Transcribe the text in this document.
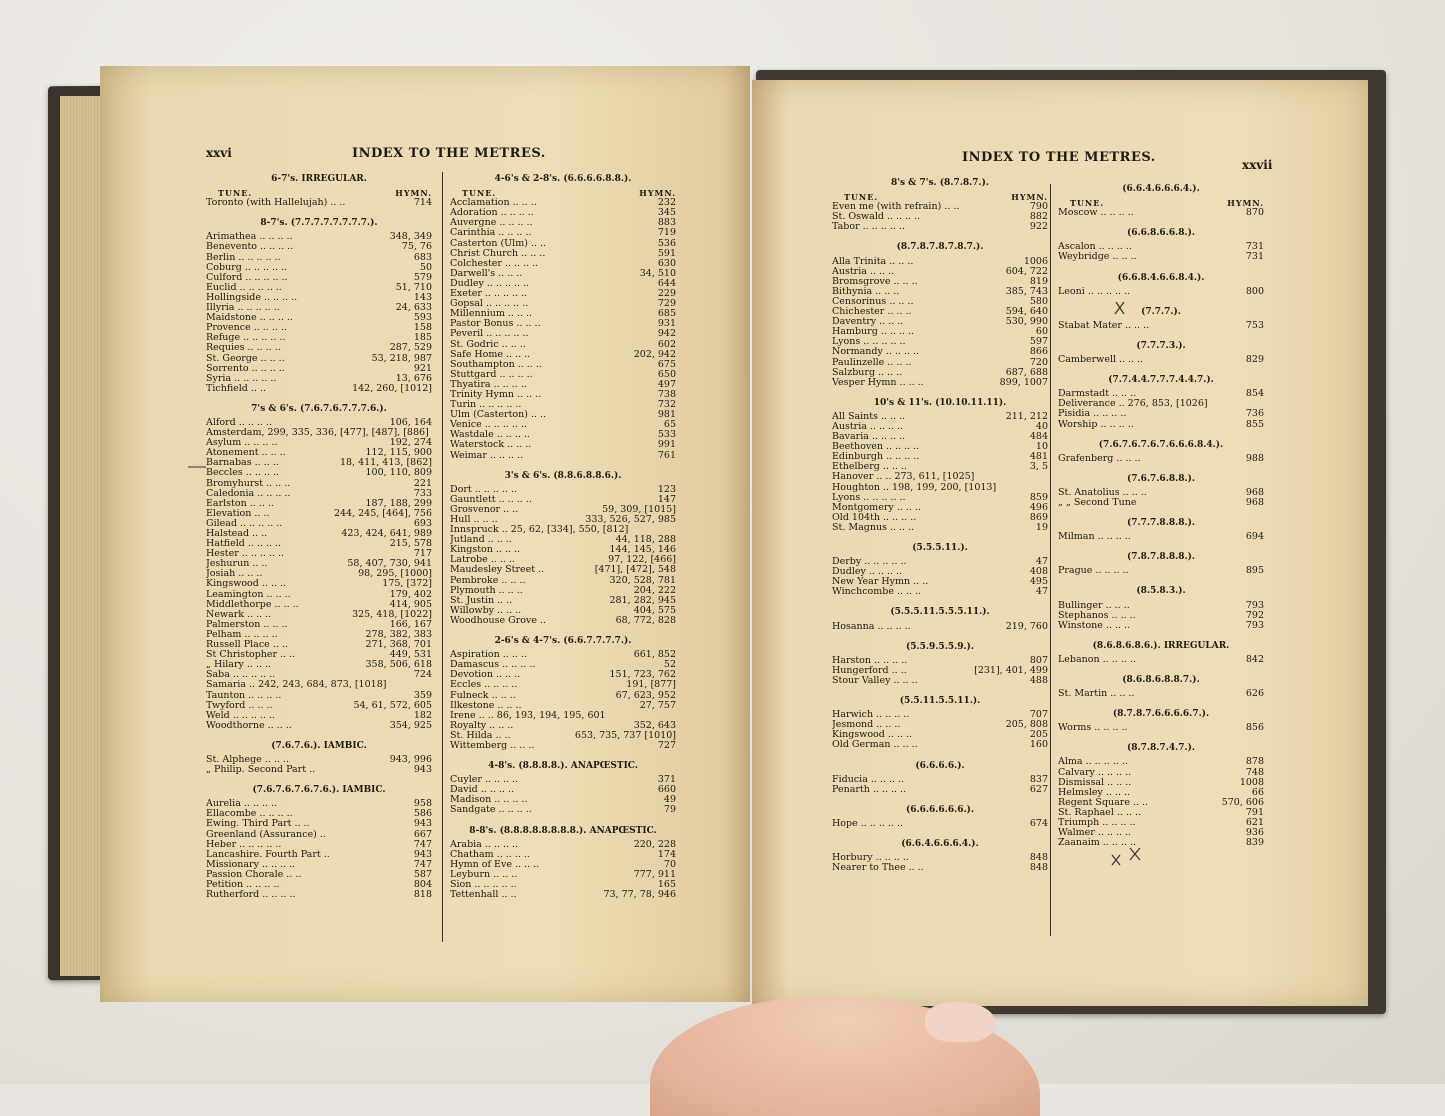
xxvi	INDEX TO THE METRES.
6-7's. IRREGULAR.
TUNE.	HYMN.
Toronto (with Hallelujah) .. ..	714
8-7's. (7.7.7.7.7.7.7.7.).
Arimathea .. .. .. ..	348, 349
Benevento .. .. .. ..	75, 76
Berlin .. .. .. .. ..	683
Coburg .. .. .. .. ..	50
Culford .. .. .. .. ..	579
Euclid .. .. .. .. ..	51, 710
Hollingside .. .. .. ..	143
Illyria .. .. .. .. ..	24, 633
Maidstone .. .. .. ..	593
Provence .. .. .. ..	158
Refuge .. .. .. .. ..	185
Requies .. .. .. ..	287, 529
St. George .. .. ..	53, 218, 987
Sorrento .. .. .. ..	921
Syria .. .. .. .. ..	13, 676
Tichfield .. ..	142, 260, [1012]
7's & 6's. (7.6.7.6.7.7.7.6.).
Alford .. .. .. ..	106, 164
Amsterdam, 299, 335, 336, [477], [487], [886]
Asylum .. .. .. ..	192, 274
Atonement .. .. ..	112, 115, 900
Barnabas .. .. ..	18, 411, 413, [862]
Beccles .. .. .. ..	100, 110, 809
Bromyhurst .. .. ..	221
Caledonia .. .. .. ..	733
Earlston .. .. ..	187, 188, 299
Elevation .. ..	244, 245, [464], 756
Gilead .. .. .. .. ..	693
Halstead .. ..	423, 424, 641, 989
Hatfield .. .. .. ..	215, 578
Hester .. .. .. .. ..	717
Jeshurun .. ..	58, 407, 730, 941
Josiah .. .. ..	98, 295, [1000]
Kingswood .. .. ..	175, [372]
Leamington .. .. ..	179, 402
Middlethorpe .. .. ..	414, 905
Newark .. .. ..	325, 418, [1022]
Palmerston .. .. ..	166, 167
Pelham .. .. .. ..	278, 382, 383
Russell Place .. ..	271, 368, 701
St Christopher .. ..	449, 531
„ Hilary .. .. ..	358, 506, 618
Saba .. .. .. .. ..	724
Samaria .. 242, 243, 684, 873, [1018]
Taunton .. .. .. ..	359
Twyford .. .. ..	54, 61, 572, 605
Weld .. .. .. .. ..	182
Woodthorne .. .. ..	354, 925
(7.6.7.6.). IAMBIC.
St. Alphege .. .. ..	943, 996
„ Philip. Second Part ..	943
(7.6.7.6.7.6.7.6.). IAMBIC.
Aurelia .. .. .. ..	958
Ellacombe .. .. .. ..	586
Ewing. Third Part .. ..	943
Greenland (Assurance) ..	667
Heber .. .. .. .. ..	747
Lancashire. Fourth Part ..	943
Missionary .. .. .. ..	747
Passion Chorale .. ..	587
Petition .. .. .. ..	804
Rutherford .. .. .. ..	818
4-6's & 2-8's. (6.6.6.6.8.8.).
TUNE.	HYMN.
Acclamation .. .. ..	232
Adoration .. .. .. ..	345
Auvergne .. .. .. ..	883
Carinthia .. .. .. ..	719
Casterton (Ulm) .. ..	536
Christ Church .. .. ..	591
Colchester .. .. .. ..	630
Darwell's .. .. ..	34, 510
Dudley .. .. .. .. ..	644
Exeter .. .. .. .. ..	229
Gopsal .. .. .. .. ..	729
Millennium .. .. ..	685
Pastor Bonus .. .. ..	931
Peveril .. .. .. .. ..	942
St. Godric .. .. ..	602
Safe Home .. .. ..	202, 942
Southampton .. .. ..	675
Stuttgard .. .. .. ..	650
Thyatira .. .. .. ..	497
Trinity Hymn .. .. ..	738
Turin .. .. .. .. ..	732
Ulm (Casterton) .. ..	981
Venice .. .. .. .. ..	65
Wastdale .. .. .. ..	533
Waterstock .. .. ..	991
Weimar .. .. .. ..	761
3's & 6's. (8.8.6.8.8.6.).
Dort .. .. .. .. ..	123
Gauntlett .. .. .. ..	147
Grosvenor .. ..	59, 309, [1015]
Hull .. .. ..	333, 526, 527, 985
Innspruck .. 25, 62, [334], 550, [812]
Jutland .. .. ..	44, 118, 288
Kingston .. .. ..	144, 145, 146
Latrobe .. .. ..	97, 122, [466]
Maudesley Street ..	[471], [472], 548
Pembroke .. .. ..	320, 528, 781
Plymouth .. .. ..	204, 222
St. Justin .. ..	281, 282, 945
Willowby .. .. ..	404, 575
Woodhouse Grove ..	68, 772, 828
2-6's & 4-7's. (6.6.7.7.7.7.).
Aspiration .. .. ..	661, 852
Damascus .. .. .. ..	52
Devotion .. .. ..	151, 723, 762
Eccles .. .. .. ..	191, [877]
Fulneck .. .. ..	67, 623, 952
Ilkestone .. .. ..	27, 757
Irene .. .. 86, 193, 194, 195, 601
Royalty .. .. ..	352, 643
St. Hilda .. ..	653, 735, 737 [1010]
Wittemberg .. .. ..	727
4-8's. (8.8.8.8.). ANAPŒSTIC.
Cuyler .. .. .. ..	371
David .. .. .. ..	660
Madison .. .. .. ..	49
Sandgate .. .. .. ..	79
8-8's. (8.8.8.8.8.8.8.8.). ANAPŒSTIC.
Arabia .. .. .. ..	220, 228
Chatham .. .. .. ..	174
Hymn of Eve .. .. ..	70
Leyburn .. .. ..	777, 911
Sion .. .. .. .. ..	165
Tettenhall .. ..	73, 77, 78, 946
INDEX TO THE METRES.	xxvii
8's & 7's. (8.7.8.7.).
TUNE.	HYMN.
Even me (with refrain) .. ..	790
St. Oswald .. .. .. ..	882
Tabor .. .. .. .. ..	922
(8.7.8.7.8.7.8.7.).
Alla Trinita .. .. ..	1006
Austria .. .. ..	604, 722
Bromsgrove .. .. ..	819
Bithynia .. .. ..	385, 743
Censorinus .. .. ..	580
Chichester .. .. ..	594, 640
Daventry .. .. ..	530, 990
Hamburg .. .. .. ..	60
Lyons .. .. .. .. ..	597
Normandy .. .. .. ..	866
Paulinzelle .. .. ..	720
Salzburg .. .. ..	687, 688
Vesper Hymn .. .. ..	899, 1007
10's & 11's. (10.10.11.11).
All Saints .. .. ..	211, 212
Austria .. .. .. ..	40
Bavaria .. .. .. ..	484
Beethoven .. .. .. ..	10
Edinburgh .. .. .. ..	481
Ethelberg .. .. ..	3, 5
Hanover .. .. 273, 611, [1025]
Houghton .. 198, 199, 200, [1013]
Lyons .. .. .. .. ..	859
Montgomery .. .. ..	496
Old 104th .. .. .. ..	869
St. Magnus .. .. ..	19
(5.5.5.11.).
Derby .. .. .. .. ..	47
Dudley .. .. .. ..	408
New Year Hymn .. ..	495
Winchcombe .. .. ..	47
(5.5.5.11.5.5.5.11.).
Hosanna .. .. .. ..	219, 760
(5.5.9.5.5.9.).
Harston .. .. .. ..	807
Hungerford .. ..	[231], 401, 499
Stour Valley .. .. ..	488
(5.5.11.5.5.11.).
Harwich .. .. .. ..	707
Jesmond .. .. ..	205, 808
Kingswood .. .. ..	205
Old German .. .. ..	160
(6.6.6.6.).
Fiducia .. .. .. ..	837
Penarth .. .. .. ..	627
(6.6.6.6.6.6.).
Hope .. .. .. .. ..	674
(6.6.4.6.6.6.4.).
Horbury .. .. .. ..	848
Nearer to Thee .. ..	848
(6.6.4.6.6.6.4.).
TUNE.	HYMN.
Moscow .. .. .. ..	870
(6.6.8.6.6.8.).
Ascalon .. .. .. ..	731
Weybridge .. .. ..	731
(6.6.8.4.6.6.8.4.).
Leoni .. .. .. .. ..	800
(7.7.7.).
Stabat Mater .. .. ..	753
(7.7.7.3.).
Camberwell .. .. ..	829
(7.7.4.4.7.7.7.4.4.7.).
Darmstadt .. .. ..	854
Deliverance .. 276, 853, [1026]
Pisidia .. .. .. ..	736
Worship .. .. .. ..	855
(7.6.7.6.7.6.7.6.6.6.8.4.).
Grafenberg .. .. ..	988
(7.6.7.6.8.8.).
St. Anatolius .. .. ..	968
„ „ Second Tune	968
(7.7.7.8.8.8.).
Milman .. .. .. ..	694
(7.8.7.8.8.8.).
Prague .. .. .. ..	895
(8.5.8.3.).
Bullinger .. .. ..	793
Stephanos .. .. ..	792
Winstone .. .. ..	793
(8.6.8.6.8.6.). IRREGULAR.
Lebanon .. .. .. ..	842
(8.6.8.6.8.8.7.).
St. Martin .. .. ..	626
(8.7.8.7.6.6.6.6.7.).
Worms .. .. .. ..	856
(8.7.8.7.4.7.).
Alma .. .. .. .. ..	878
Calvary .. .. .. ..	748
Dismissal .. .. ..	1008
Helmsley .. .. ..	66
Regent Square .. ..	570, 606
St. Raphael .. .. ..	791
Triumph .. .. .. ..	621
Walmer .. .. .. ..	936
Zaanaim .. .. .. ..	839
